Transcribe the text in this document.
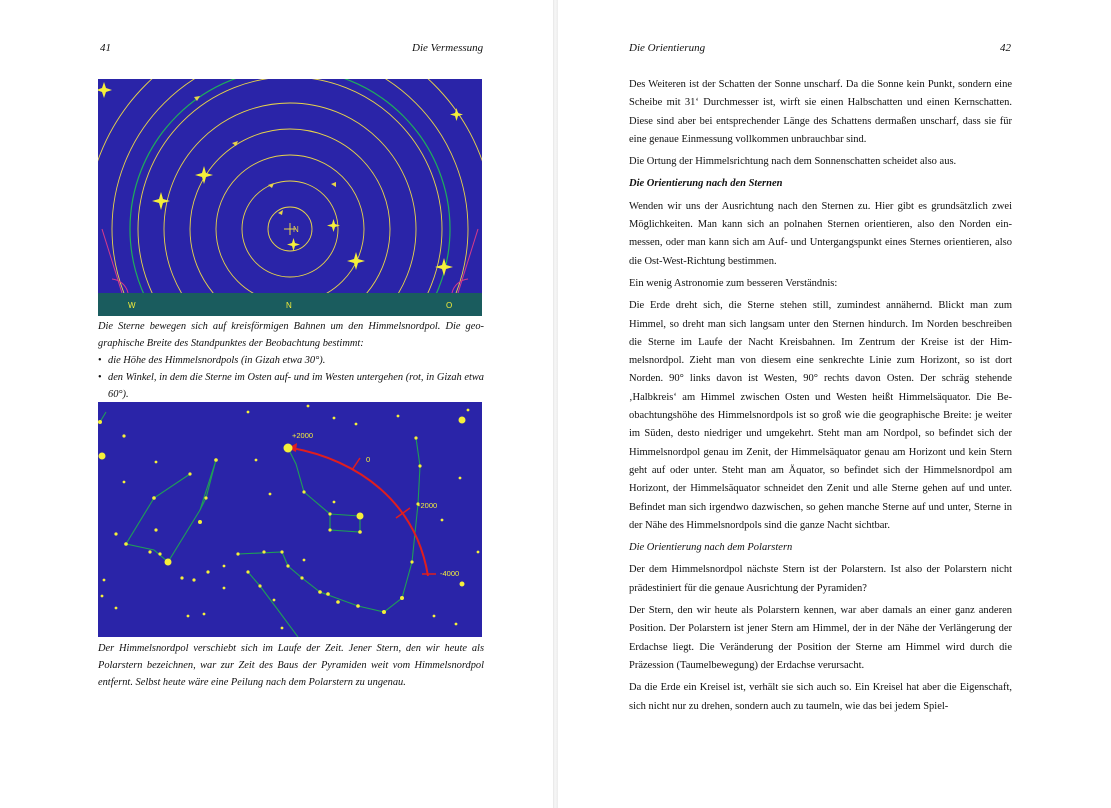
41	Die Vermessung
N
W	N	O
Die Sterne bewegen sich auf kreisförmigen Bahnen um den Himmelsnordpol. Die geographische Breite des Standpunktes der Beobachtung bestimmt:
• die Höhe des Himmelsnordpols (in Gizah etwa 30°).
• den Winkel, in dem die Sterne im Osten auf- und im Westen untergehen (rot, in Gizah etwa 60°).
+2000
0
-2000
-4000
Der Himmelsnordpol verschiebt sich im Laufe der Zeit. Jener Stern, den wir heute als Polarstern bezeichnen, war zur Zeit des Baus der Pyramiden weit vom Himmelsnordpol entfernt. Selbst heute wäre eine Peilung nach dem Polarstern zu ungenau.
Die Orientierung	42

Des Weiteren ist der Schatten der Sonne unscharf. Da die Sonne kein Punkt, sondern eine Scheibe mit 31‘ Durchmesser ist, wirft sie einen Halbschatten und einen Kernschatten. Diese sind aber bei entsprechender Länge des Schattens dermaßen unscharf, dass sie für eine genaue Einmessung vollkommen unbrauchbar sind.

Die Ortung der Himmelsrichtung nach dem Sonnenschatten scheidet also aus.

Die Orientierung nach den Sternen

Wenden wir uns der Ausrichtung nach den Sternen zu. Hier gibt es grundsätzlich zwei Möglichkeiten. Man kann sich an polnahen Sternen orientieren, also den Norden einmessen, oder man kann sich am Auf- und Untergangspunkt eines Sternes orientieren, also die Ost-West-Richtung bestimmen.

Ein wenig Astronomie zum besseren Verständnis:

Die Erde dreht sich, die Sterne stehen still, zumindest annähernd. Blickt man zum Himmel, so dreht man sich langsam unter den Sternen hindurch. Im Norden beschreiben die Sterne im Laufe der Nacht Kreisbahnen. Im Zentrum der Kreise ist der Himmelsnordpol. Zieht man von diesem eine senkrechte Linie zum Horizont, so ist dort Norden. 90° links davon ist Westen, 90° rechts davon Osten. Der schräg stehende ‚Halbkreis‘ am Himmel zwischen Osten und Westen heißt Himmelsäquator. Die Beobachtungshöhe des Himmelsnordpols ist so groß wie die geographische Breite: je weiter im Süden, desto niedriger und umgekehrt. Steht man am Nordpol, so befindet sich der Himmelsnordpol genau im Zenit, der Himmelsäquator genau am Horizont und kein Stern geht auf oder unter. Steht man am Äquator, so befindet sich der Himmelsnordpol am Horizont, der Himmelsäquator schneidet den Zenit und alle Sterne gehen auf und unter. Befindet man sich irgendwo dazwischen, so gehen manche Sterne auf und unter, Sterne in der Nähe des Himmelsnordpols sind die ganze Nacht sichtbar.

Die Orientierung nach dem Polarstern

Der dem Himmelsnordpol nächste Stern ist der Polarstern. Ist also der Polarstern nicht prädestiniert für die genaue Ausrichtung der Pyramiden?

Der Stern, den wir heute als Polarstern kennen, war aber damals an einer ganz anderen Position. Der Polarstern ist jener Stern am Himmel, der in der Nähe der Verlängerung der Erdachse liegt. Die Veränderung der Position der Sterne am Himmel wird durch die Präzession (Taumelbewegung) der Erdachse verursacht.

Da die Erde ein Kreisel ist, verhält sie sich auch so. Ein Kreisel hat aber die Eigenschaft, sich nicht nur zu drehen, sondern auch zu taumeln, wie das bei jedem Spiel-
